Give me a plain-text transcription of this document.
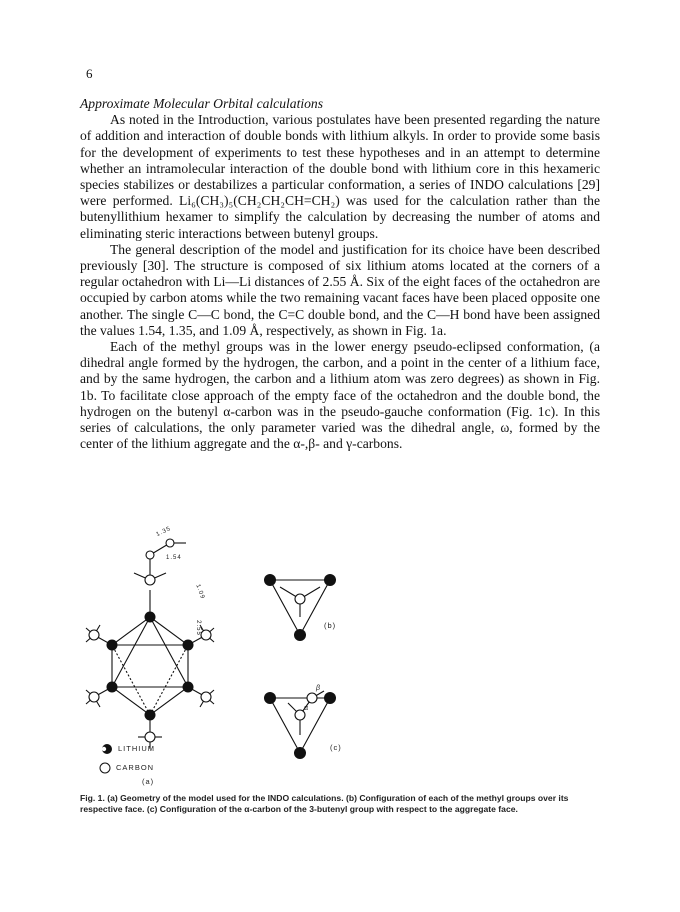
6
Approximate Molecular Orbital calculations

As noted in the Introduction, various postulates have been presented regarding the nature of addition and interaction of double bonds with lithium alkyls. In order to provide some basis for the development of experiments to test these hypotheses and in an attempt to determine whether an intramolecular interaction of the double bond with lithium core in this hexameric species stabilizes or destabilizes a particular conformation, a series of INDO calculations [29] were performed. Li₆(CH₃)₅(CH₂CH₂CH=CH₂) was used for the calculation rather than the butenyllithium hexamer to simplify the calculation by decreasing the number of atoms and eliminating steric interactions between butenyl groups.

The general description of the model and justification for its choice have been described previously [30]. The structure is composed of six lithium atoms located at the corners of a regular octahedron with Li—Li distances of 2.55 Å. Six of the eight faces of the octahedron are occupied by carbon atoms while the two remaining vacant faces have been placed opposite one another. The single C—C bond, the C=C double bond, and the C—H bond have been assigned the values 1.54, 1.35, and 1.09 Å, respectively, as shown in Fig. 1a.

Each of the methyl groups was in the lower energy pseudo-eclipsed conformation, (a dihedral angle formed by the hydrogen, the carbon, and a point in the center of a lithium face, and by the same hydrogen, the carbon and a lithium atom was zero degrees) as shown in Fig. 1b. To facilitate close approach of the empty face of the octahedron and the double bond, the hydrogen on the butenyl α-carbon was in the pseudo-gauche conformation (Fig. 1c). In this series of calculations, the only parameter varied was the dihedral angle, ω, formed by the center of the lithium aggregate and the α-,β- and γ-carbons.

1.35
1.54
1.09
2.55
LITHIUM
CARBON
(a)
(b)
(c)
α
β
Fig. 1. (a) Geometry of the model used for the INDO calculations. (b) Configuration of each of the methyl groups over its respective face. (c) Configuration of the α-carbon of the 3-butenyl group with respect to the aggregate face.
